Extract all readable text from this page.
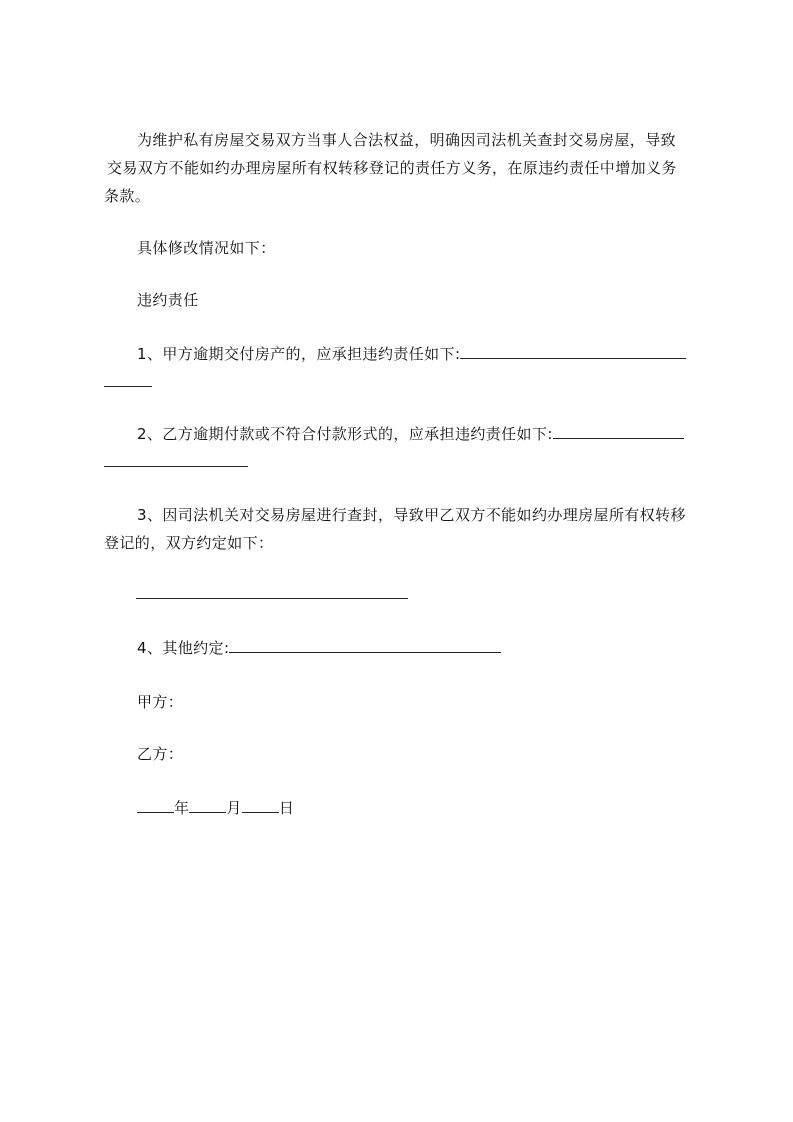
为维护私有房屋交易双方当事人合法权益，明确因司法机关查封交易房屋，导致
交易双方不能如约办理房屋所有权转移登记的责任方义务，在原违约责任中增加义务
条款。
具体修改情况如下：
违约责任
1、甲方逾期交付房产的，应承担违约责任如下:
2、乙方逾期付款或不符合付款形式的，应承担违约责任如下:
3、因司法机关对交易房屋进行查封，导致甲乙双方不能如约办理房屋所有权转移
登记的，双方约定如下：
4、其他约定:
甲方：
乙方：
年 月 日
